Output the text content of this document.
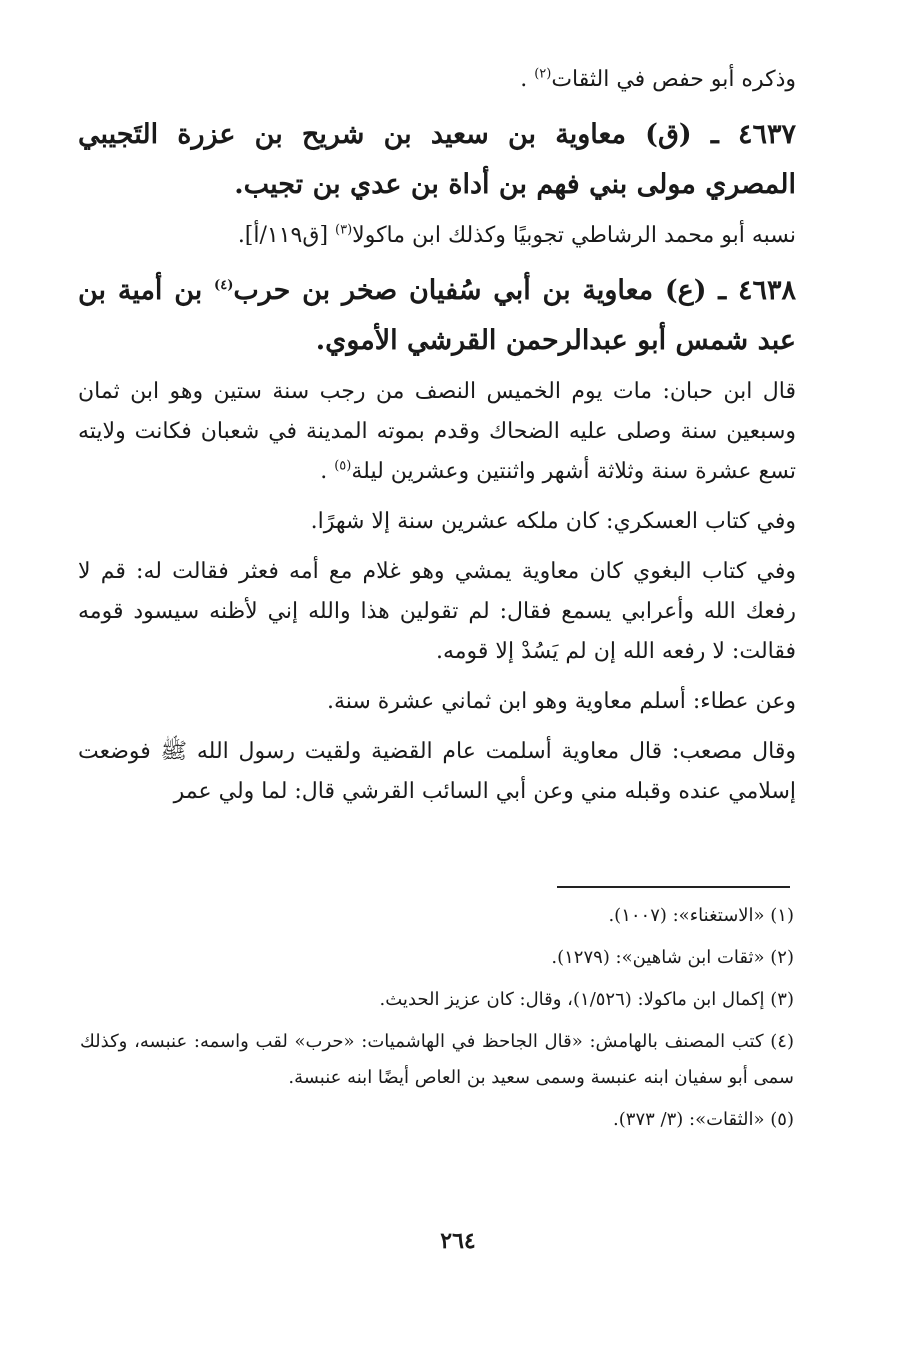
وذكره أبو حفص في الثقات$^{(٢)}$ .

٤٦٣٧ ـ (ق) معاوية بن سعيد بن شريح بن عزرة التَجيبي المصري مولى بني فهم بن أداة بن عدي بن تجيب.

نسبه أبو محمد الرشاطي تجوبيًا وكذلك ابن ماكولا$^{(٣)}$ [ق١١٩/أ].

٤٦٣٨ ـ (ع) معاوية بن أبي سُفيان صخر بن حرب$^{(٤)}$ بن أمية بن عبد شمس أبو عبدالرحمن القرشي الأموي.

قال ابن حبان: مات يوم الخميس النصف من رجب سنة ستين وهو ابن ثمان وسبعين سنة وصلى عليه الضحاك وقدم بموته المدينة في شعبان فكانت ولايته تسع عشرة سنة وثلاثة أشهر واثنتين وعشرين ليلة$^{(٥)}$ .

وفي كتاب العسكري: كان ملكه عشرين سنة إلا شهرًا.

وفي كتاب البغوي كان معاوية يمشي وهو غلام مع أمه فعثر فقالت له: قم لا رفعك الله وأعرابي يسمع فقال: لم تقولين هذا والله إني لأظنه سيسود قومه فقالت: لا رفعه الله إن لم يَسُدْ إلا قومه.

وعن عطاء: أسلم معاوية وهو ابن ثماني عشرة سنة.

وقال مصعب: قال معاوية أسلمت عام القضية ولقيت رسول الله ﷺ فوضعت إسلامي عنده وقبله مني وعن أبي السائب القرشي قال: لما ولي عمر

(١) «الاستغناء»: (١٠٠٧).

(٢) «ثقات ابن شاهين»: (١٢٧٩).

(٣) إكمال ابن ماكولا: (١/٥٢٦)، وقال: كان عزيز الحديث.

(٤) كتب المصنف بالهامش: «قال الجاحظ في الهاشميات: «حرب» لقب واسمه: عنبسه، وكذلك سمى أبو سفيان ابنه عنبسة وسمى سعيد بن العاص أيضًا ابنه عنبسة.

(٥) «الثقات»: (٣/ ٣٧٣).

٢٦٤
